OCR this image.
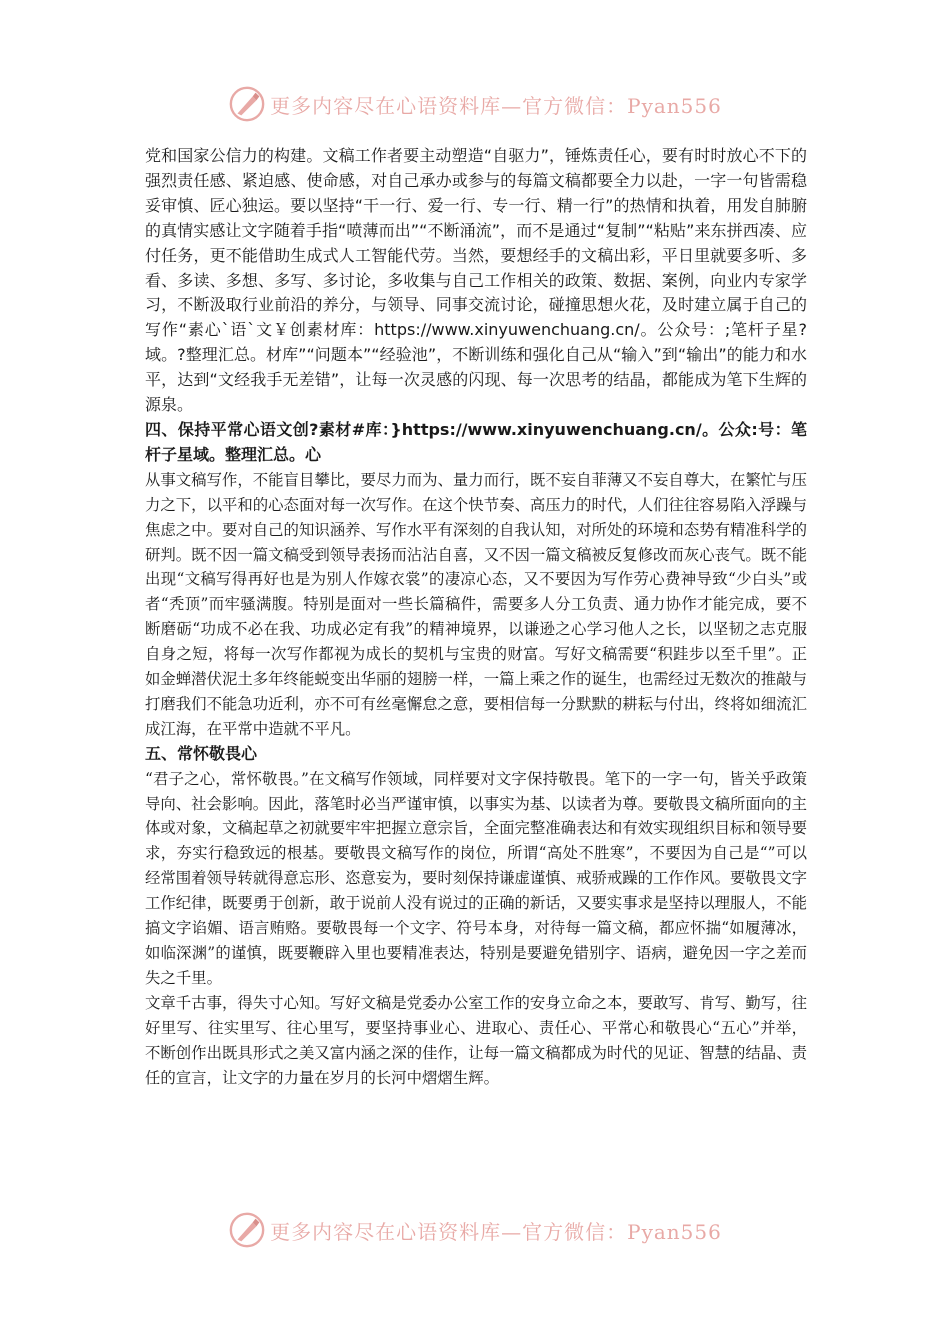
更多内容尽在心语资料库—官方微信：Pyan556

党和国家公信力的构建。文稿工作者要主动塑造“自驱力”，锤炼责任心，要有时时放心不下的强烈责任感、紧迫感、使命感，对自己承办或参与的每篇文稿都要全力以赴，一字一句皆需稳妥审慎、匠心独运。要以坚持“干一行、爱一行、专一行、精一行”的热情和执着，用发自肺腑的真情实感让文字随着手指“喷薄而出”“不断涌流”，而不是通过“复制”“粘贴”来东拼西凑、应付任务，更不能借助生成式人工智能代劳。当然，要想经手的文稿出彩，平日里就要多听、多看、多读、多想、多写、多讨论，多收集与自己工作相关的政策、数据、案例，向业内专家学习，不断汲取行业前沿的养分，与领导、同事交流讨论，碰撞思想火花，及时建立属于自己的写作“素心`语`文￥创素材库：https://www.xinyuwenchuang.cn/。公众号：;笔杆子星?域。?整理汇总。材库”“问题本”“经验池”，不断训练和强化自己从“输入”到“输出”的能力和水平，达到“文经我手无差错”，让每一次灵感的闪现、每一次思考的结晶，都能成为笔下生辉的源泉。

四、保持平常心语文创?素材#库：}https://www.xinyuwenchuang.cn/。公众:号：笔杆子星域。整理汇总。心

从事文稿写作，不能盲目攀比，要尽力而为、量力而行，既不妄自菲薄又不妄自尊大，在繁忙与压力之下，以平和的心态面对每一次写作。在这个快节奏、高压力的时代，人们往往容易陷入浮躁与焦虑之中。要对自己的知识涵养、写作水平有深刻的自我认知，对所处的环境和态势有精准科学的研判。既不因一篇文稿受到领导表扬而沾沾自喜，又不因一篇文稿被反复修改而灰心丧气。既不能出现“文稿写得再好也是为别人作嫁衣裳”的凄凉心态，又不要因为写作劳心费神导致“少白头”或者“秃顶”而牢骚满腹。特别是面对一些长篇稿件，需要多人分工负责、通力协作才能完成，要不断磨砺“功成不必在我、功成必定有我”的精神境界，以谦逊之心学习他人之长，以坚韧之志克服自身之短，将每一次写作都视为成长的契机与宝贵的财富。写好文稿需要“积跬步以至千里”。正如金蝉潜伏泥土多年终能蜕变出华丽的翅膀一样，一篇上乘之作的诞生，也需经过无数次的推敲与打磨我们不能急功近利，亦不可有丝毫懈怠之意，要相信每一分默默的耕耘与付出，终将如细流汇成江海，在平常中造就不平凡。

五、常怀敬畏心

“君子之心，常怀敬畏。”在文稿写作领域，同样要对文字保持敬畏。笔下的一字一句，皆关乎政策导向、社会影响。因此，落笔时必当严谨审慎，以事实为基、以读者为尊。要敬畏文稿所面向的主体或对象，文稿起草之初就要牢牢把握立意宗旨，全面完整准确表达和有效实现组织目标和领导要求，夯实行稳致远的根基。要敬畏文稿写作的岗位，所谓“高处不胜寒”，不要因为自己是“”可以经常围着领导转就得意忘形、恣意妄为，要时刻保持谦虚谨慎、戒骄戒躁的工作作风。要敬畏文字工作纪律，既要勇于创新，敢于说前人没有说过的正确的新话，又要实事求是坚持以理服人，不能搞文字谄媚、语言贿赂。要敬畏每一个文字、符号本身，对待每一篇文稿，都应怀揣“如履薄冰，如临深渊”的谨慎，既要鞭辟入里也要精准表达，特别是要避免错别字、语病，避免因一字之差而失之千里。

文章千古事，得失寸心知。写好文稿是党委办公室工作的安身立命之本，要敢写、肯写、勤写，往好里写、往实里写、往心里写，要坚持事业心、进取心、责任心、平常心和敬畏心“五心”并举，不断创作出既具形式之美又富内涵之深的佳作，让每一篇文稿都成为时代的见证、智慧的结晶、责任的宣言，让文字的力量在岁月的长河中熠熠生辉。

更多内容尽在心语资料库—官方微信：Pyan556
